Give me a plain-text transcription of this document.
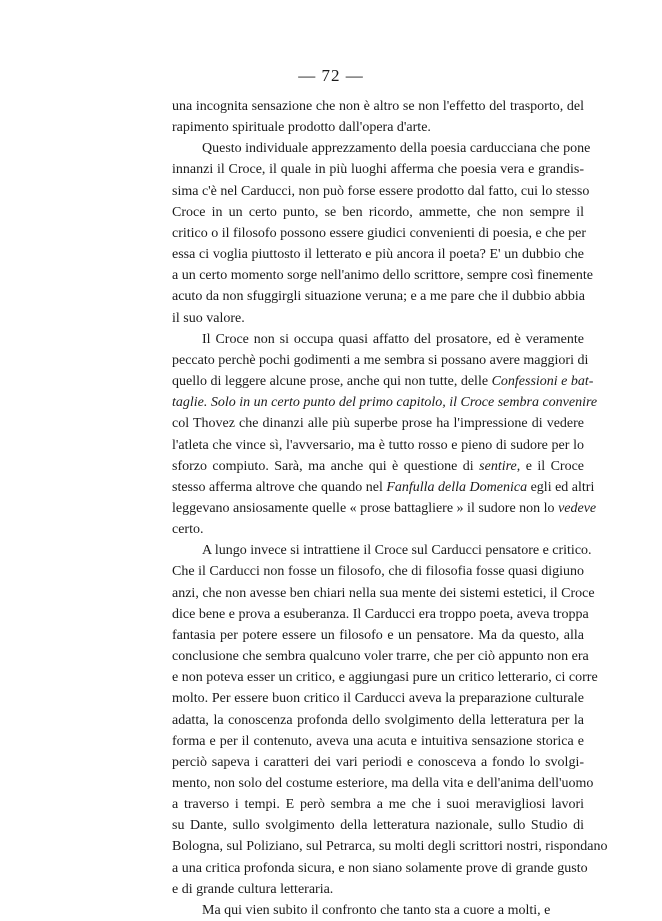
— 72 —
una incognita sensazione che non è altro se non l'effetto del trasporto, del
rapimento spirituale prodotto dall'opera d'arte.
Questo individuale apprezzamento della poesia carducciana che pone
innanzi il Croce, il quale in più luoghi afferma che poesia vera e grandis-
sima c'è nel Carducci, non può forse essere prodotto dal fatto, cui lo stesso
Croce in un certo punto, se ben ricordo, ammette, che non sempre il
critico o il filosofo possono essere giudici convenienti di poesia, e che per
essa ci voglia piuttosto il letterato e più ancora il poeta? E' un dubbio che
a un certo momento sorge nell'animo dello scrittore, sempre così finemente
acuto da non sfuggirgli situazione veruna; e a me pare che il dubbio abbia
il suo valore.
Il Croce non si occupa quasi affatto del prosatore, ed è veramente
peccato perchè pochi godimenti a me sembra si possano avere maggiori di
quello di leggere alcune prose, anche qui non tutte, delle Confessioni e bat-
taglie. Solo in un certo punto del primo capitolo, il Croce sembra convenire
col Thovez che dinanzi alle più superbe prose ha l'impressione di vedere
l'atleta che vince sì, l'avversario, ma è tutto rosso e pieno di sudore per lo
sforzo compiuto. Sarà, ma anche qui è questione di sentire, e il Croce
stesso afferma altrove che quando nel Fanfulla della Domenica egli ed altri
leggevano ansiosamente quelle « prose battagliere » il sudore non lo vedeve
certo.
A lungo invece si intrattiene il Croce sul Carducci pensatore e critico.
Che il Carducci non fosse un filosofo, che di filosofia fosse quasi digiuno
anzi, che non avesse ben chiari nella sua mente dei sistemi estetici, il Croce
dice bene e prova a esuberanza. Il Carducci era troppo poeta, aveva troppa
fantasia per potere essere un filosofo e un pensatore. Ma da questo, alla
conclusione che sembra qualcuno voler trarre, che per ciò appunto non era
e non poteva esser un critico, e aggiungasi pure un critico letterario, ci corre
molto. Per essere buon critico il Carducci aveva la preparazione culturale
adatta, la conoscenza profonda dello svolgimento della letteratura per la
forma e per il contenuto, aveva una acuta e intuitiva sensazione storica e
perciò sapeva i caratteri dei vari periodi e conosceva a fondo lo svolgi-
mento, non solo del costume esteriore, ma della vita e dell'anima dell'uomo
a traverso i tempi. E però sembra a me che i suoi meravigliosi lavori
su Dante, sullo svolgimento della letteratura nazionale, sullo Studio di
Bologna, sul Poliziano, sul Petrarca, su molti degli scrittori nostri, rispondano
a una critica profonda sicura, e non siano solamente prove di grande gusto
e di grande cultura letteraria.
Ma qui vien subito il confronto che tanto sta a cuore a molti, e
